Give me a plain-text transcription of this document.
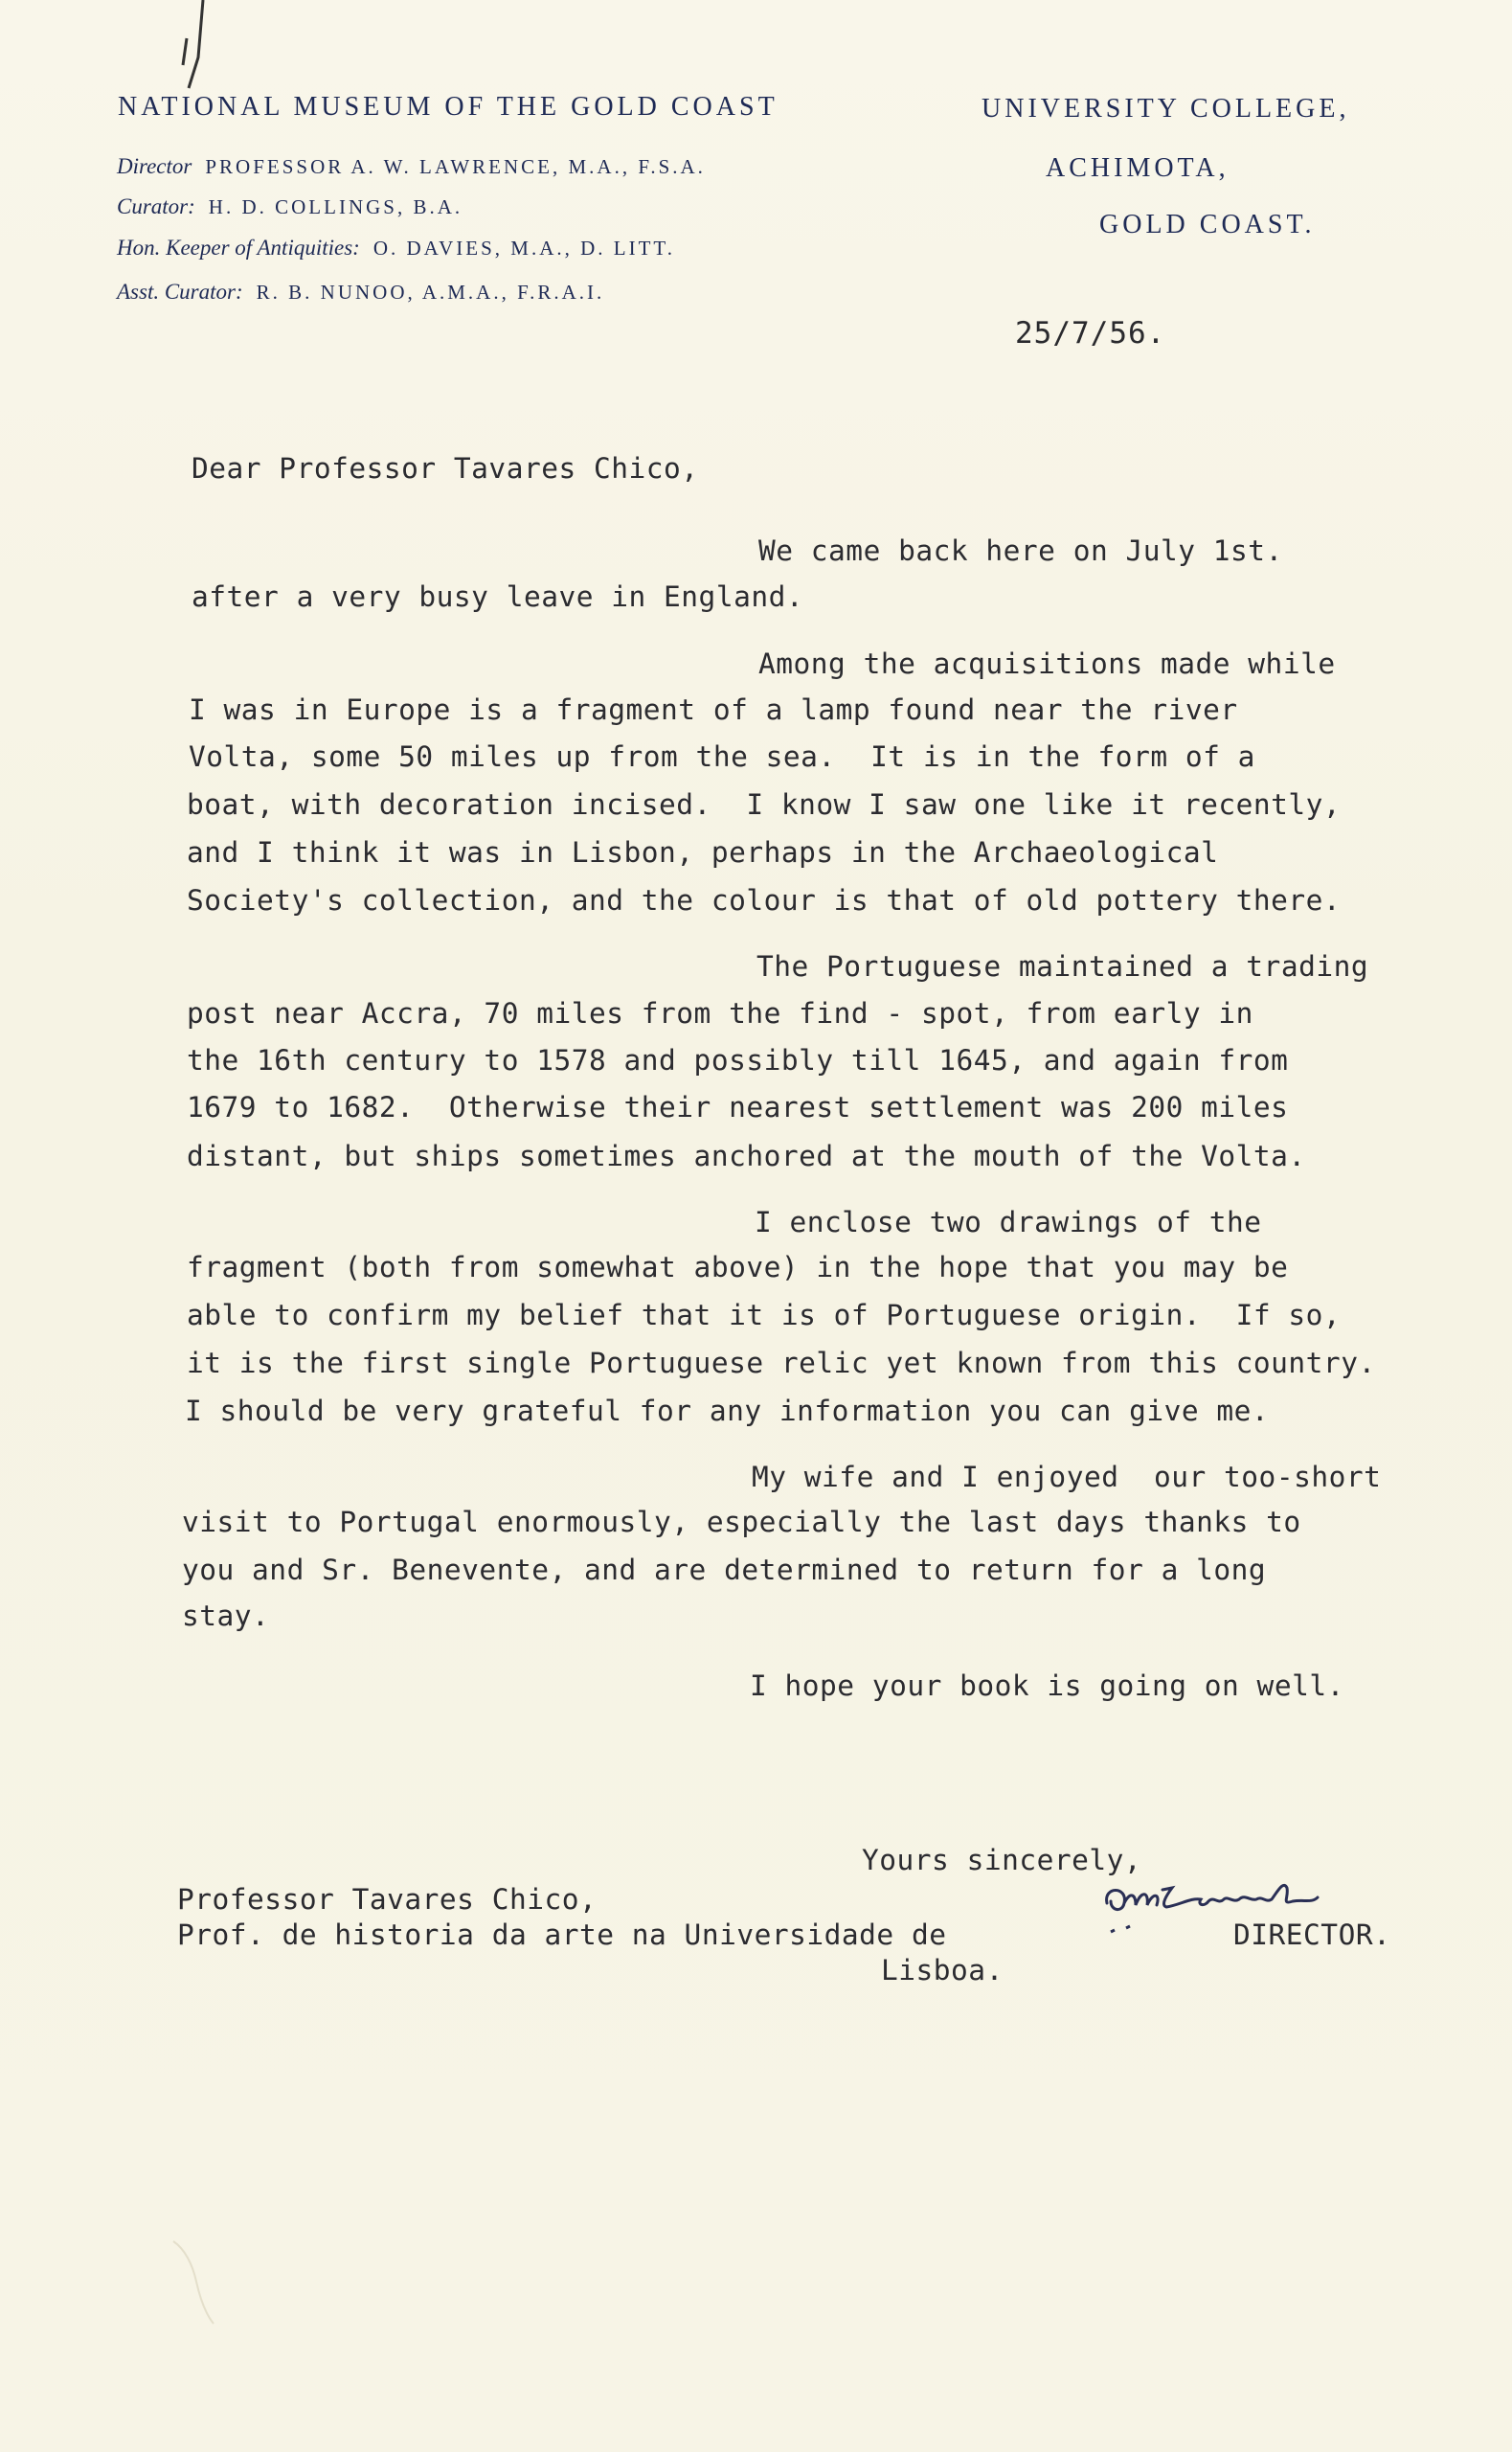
NATIONAL MUSEUM OF THE GOLD COAST
Director PROFESSOR A. W. LAWRENCE, M.A., F.S.A.
Curator: H. D. COLLINGS, B.A.
Hon. Keeper of Antiquities: O. DAVIES, M.A., D. LITT.
Asst. Curator: R. B. NUNOO, A.M.A., F.R.A.I.
UNIVERSITY COLLEGE,
ACHIMOTA,
GOLD COAST.
25/7/56.
Dear Professor Tavares Chico,
We came back here on July 1st.
after a very busy leave in England.
Among the acquisitions made while
I was in Europe is a fragment of a lamp found near the river
Volta, some 50 miles up from the sea.  It is in the form of a
boat, with decoration incised.  I know I saw one like it recently,
and I think it was in Lisbon, perhaps in the Archaeological
Society's collection, and the colour is that of old pottery there.
The Portuguese maintained a trading
post near Accra, 70 miles from the find - spot, from early in
the 16th century to 1578 and possibly till 1645, and again from
1679 to 1682.  Otherwise their nearest settlement was 200 miles
distant, but ships sometimes anchored at the mouth of the Volta.
I enclose two drawings of the
fragment (both from somewhat above) in the hope that you may be
able to confirm my belief that it is of Portuguese origin.  If so,
it is the first single Portuguese relic yet known from this country.
I should be very grateful for any information you can give me.
My wife and I enjoyed  our too-short
visit to Portugal enormously, especially the last days thanks to
you and Sr. Benevente, and are determined to return for a long
stay.
I hope your book is going on well.
Yours sincerely,
Professor Tavares Chico,
Prof. de historia da arte na Universidade de
Lisboa.
DIRECTOR.
